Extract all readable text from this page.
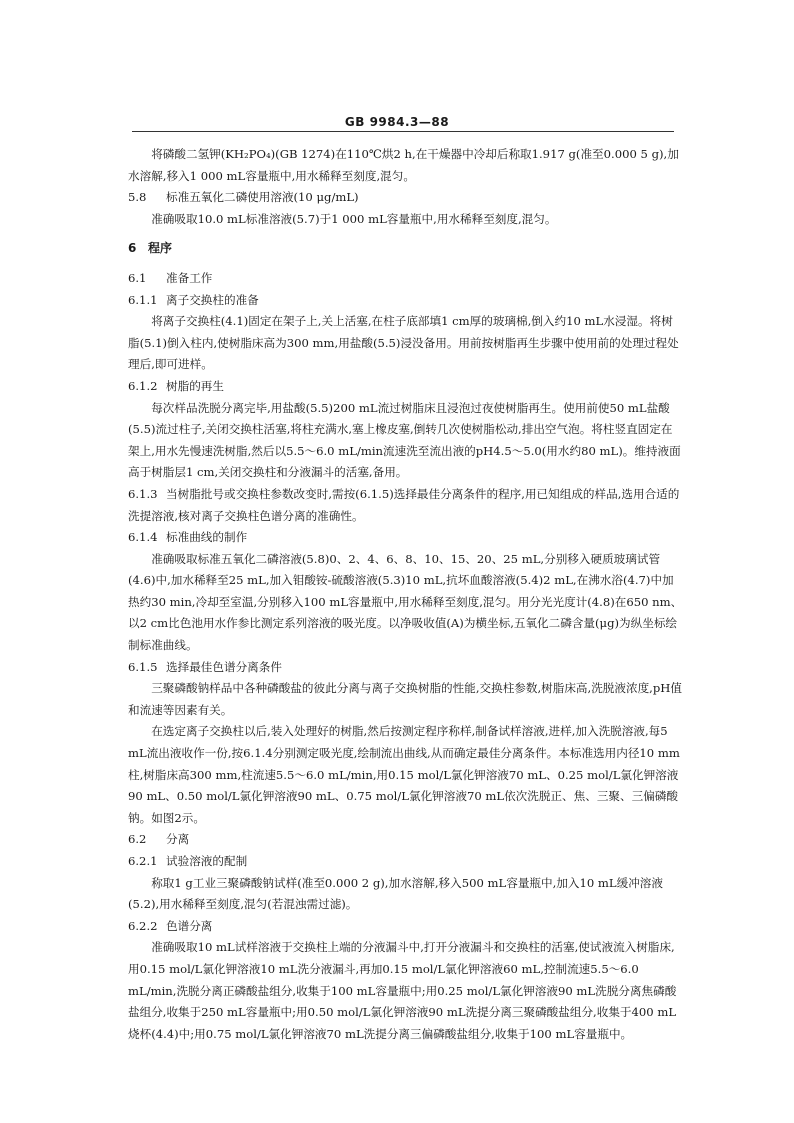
GB 9984.3—88

将磷酸二氢钾(KH₂PO₄)(GB 1274)在110℃烘2 h,在干燥器中冷却后称取1.917 g(准至0.000 5 g),加水溶解,移入1 000 mL容量瓶中,用水稀释至刻度,混匀。

5.8 标准五氧化二磷使用溶液(10 μg/mL)

准确吸取10.0 mL标准溶液(5.7)于1 000 mL容量瓶中,用水稀释至刻度,混匀。

6 程序

6.1 准备工作

6.1.1 离子交换柱的准备

将离子交换柱(4.1)固定在架子上,关上活塞,在柱子底部填1 cm厚的玻璃棉,倒入约10 mL水浸湿。将树脂(5.1)倒入柱内,使树脂床高为300 mm,用盐酸(5.5)浸没备用。用前按树脂再生步骤中使用前的处理过程处理后,即可进样。

6.1.2 树脂的再生

每次样品洗脱分离完毕,用盐酸(5.5)200 mL流过树脂床且浸泡过夜使树脂再生。使用前使50 mL盐酸(5.5)流过柱子,关闭交换柱活塞,将柱充满水,塞上橡皮塞,倒转几次使树脂松动,排出空气泡。将柱竖直固定在架上,用水先慢速洗树脂,然后以5.5～6.0 mL/min流速洗至流出液的pH4.5～5.0(用水约80 mL)。维持液面高于树脂层1 cm,关闭交换柱和分液漏斗的活塞,备用。

6.1.3 当树脂批号或交换柱参数改变时,需按(6.1.5)选择最佳分离条件的程序,用已知组成的样品,选用合适的洗提溶液,核对离子交换柱色谱分离的准确性。

6.1.4 标准曲线的制作

准确吸取标准五氧化二磷溶液(5.8)0、2、4、6、8、10、15、20、25 mL,分别移入硬质玻璃试管(4.6)中,加水稀释至25 mL,加入钼酸铵-硫酸溶液(5.3)10 mL,抗坏血酸溶液(5.4)2 mL,在沸水浴(4.7)中加热约30 min,冷却至室温,分别移入100 mL容量瓶中,用水稀释至刻度,混匀。用分光光度计(4.8)在650 nm、以2 cm比色池用水作参比测定系列溶液的吸光度。以净吸收值(A)为横坐标,五氧化二磷含量(μg)为纵坐标绘制标准曲线。

6.1.5 选择最佳色谱分离条件

三聚磷酸钠样品中各种磷酸盐的彼此分离与离子交换树脂的性能,交换柱参数,树脂床高,洗脱液浓度,pH值和流速等因素有关。

在选定离子交换柱以后,装入处理好的树脂,然后按测定程序称样,制备试样溶液,进样,加入洗脱溶液,每5 mL流出液收作一份,按6.1.4分别测定吸光度,绘制流出曲线,从而确定最佳分离条件。本标准选用内径10 mm柱,树脂床高300 mm,柱流速5.5～6.0 mL/min,用0.15 mol/L氯化钾溶液70 mL、0.25 mol/L氯化钾溶液90 mL、0.50 mol/L氯化钾溶液90 mL、0.75 mol/L氯化钾溶液70 mL依次洗脱正、焦、三聚、三偏磷酸钠。如图2示。

6.2 分离

6.2.1 试验溶液的配制

称取1 g工业三聚磷酸钠试样(准至0.000 2 g),加水溶解,移入500 mL容量瓶中,加入10 mL缓冲溶液(5.2),用水稀释至刻度,混匀(若混浊需过滤)。

6.2.2 色谱分离

准确吸取10 mL试样溶液于交换柱上端的分液漏斗中,打开分液漏斗和交换柱的活塞,使试液流入树脂床,用0.15 mol/L氯化钾溶液10 mL洗分液漏斗,再加0.15 mol/L氯化钾溶液60 mL,控制流速5.5～6.0 mL/min,洗脱分离正磷酸盐组分,收集于100 mL容量瓶中;用0.25 mol/L氯化钾溶液90 mL洗脱分离焦磷酸盐组分,收集于250 mL容量瓶中;用0.50 mol/L氯化钾溶液90 mL洗提分离三聚磷酸盐组分,收集于400 mL烧杯(4.4)中;用0.75 mol/L氯化钾溶液70 mL洗提分离三偏磷酸盐组分,收集于100 mL容量瓶中。
